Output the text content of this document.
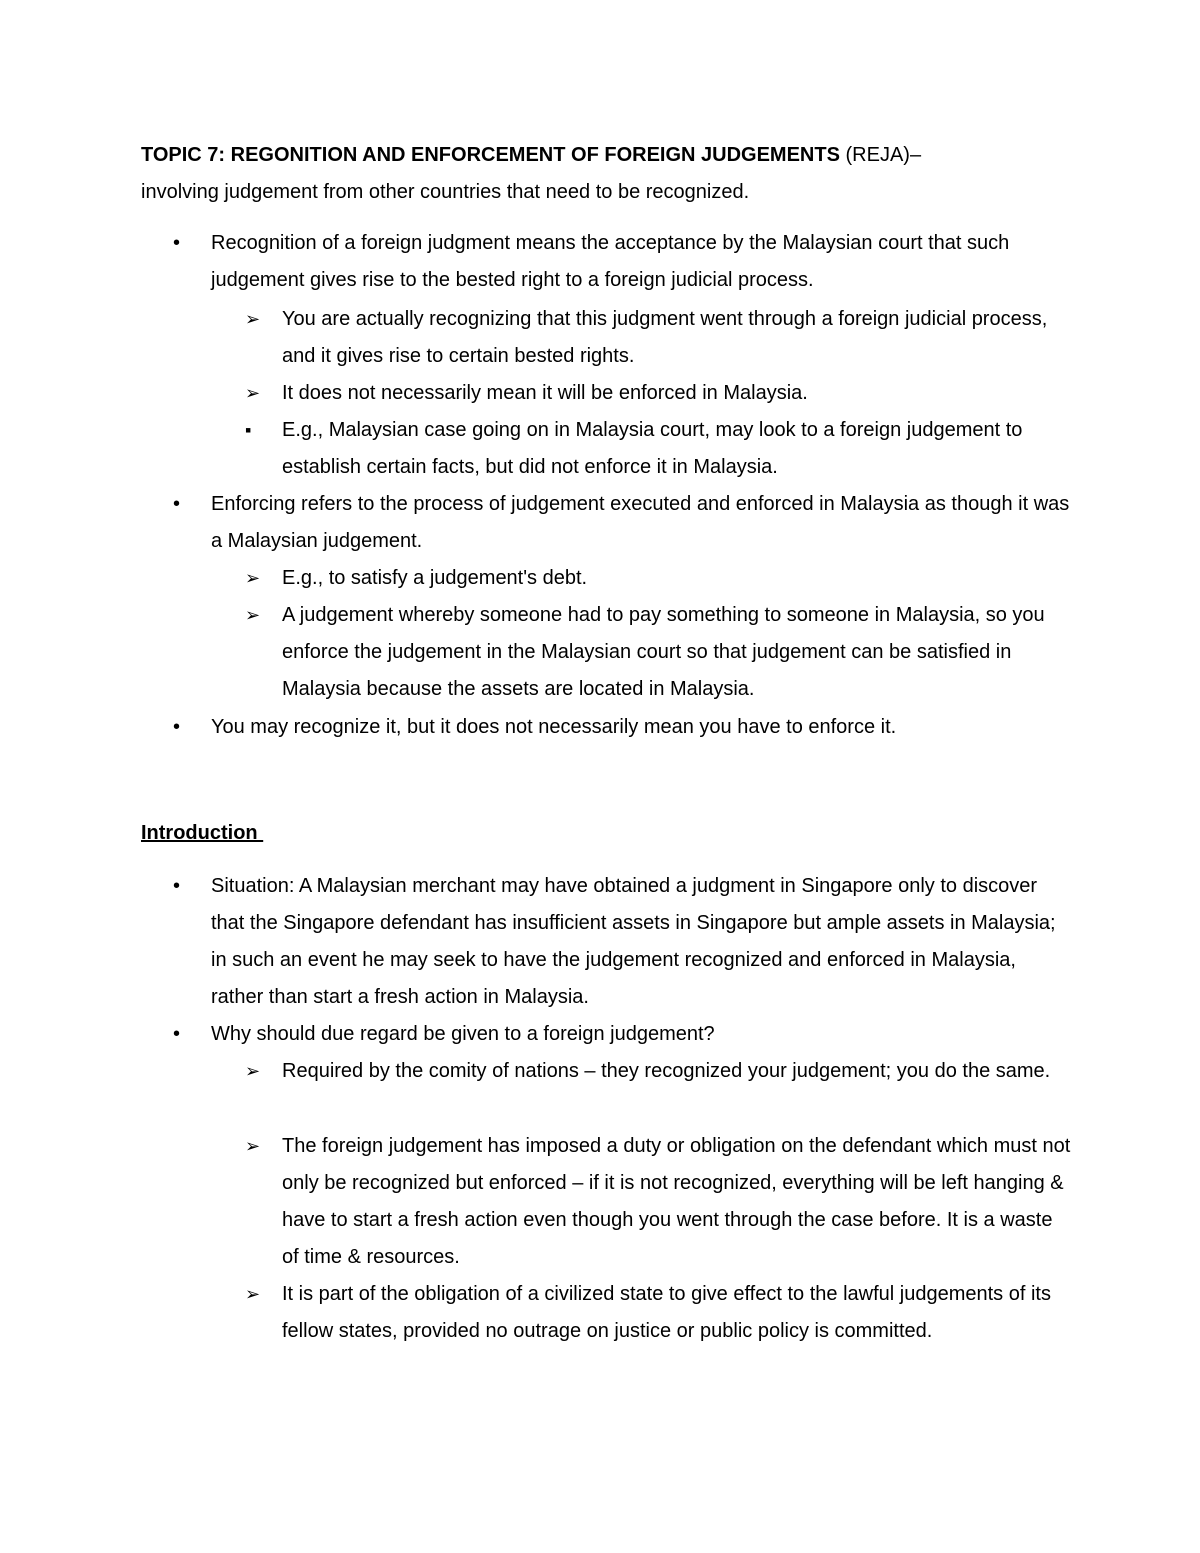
TOPIC 7: REGONITION AND ENFORCEMENT OF FOREIGN JUDGEMENTS (REJA)–
involving judgement from other countries that need to be recognized.
• Recognition of a foreign judgment means the acceptance by the Malaysian court that such judgement gives rise to the bested right to a foreign judicial process.
➢ You are actually recognizing that this judgment went through a foreign judicial process, and it gives rise to certain bested rights.
➢ It does not necessarily mean it will be enforced in Malaysia.
▪ E.g., Malaysian case going on in Malaysia court, may look to a foreign judgement to establish certain facts, but did not enforce it in Malaysia.
• Enforcing refers to the process of judgement executed and enforced in Malaysia as though it was a Malaysian judgement.
➢ E.g., to satisfy a judgement's debt.
➢ A judgement whereby someone had to pay something to someone in Malaysia, so you enforce the judgement in the Malaysian court so that judgement can be satisfied in Malaysia because the assets are located in Malaysia.
• You may recognize it, but it does not necessarily mean you have to enforce it.
Introduction
• Situation: A Malaysian merchant may have obtained a judgment in Singapore only to discover that the Singapore defendant has insufficient assets in Singapore but ample assets in Malaysia; in such an event he may seek to have the judgement recognized and enforced in Malaysia, rather than start a fresh action in Malaysia.
• Why should due regard be given to a foreign judgement?
➢ Required by the comity of nations – they recognized your judgement; you do the same.
➢ The foreign judgement has imposed a duty or obligation on the defendant which must not only be recognized but enforced – if it is not recognized, everything will be left hanging & have to start a fresh action even though you went through the case before. It is a waste of time & resources.
➢ It is part of the obligation of a civilized state to give effect to the lawful judgements of its fellow states, provided no outrage on justice or public policy is committed.
